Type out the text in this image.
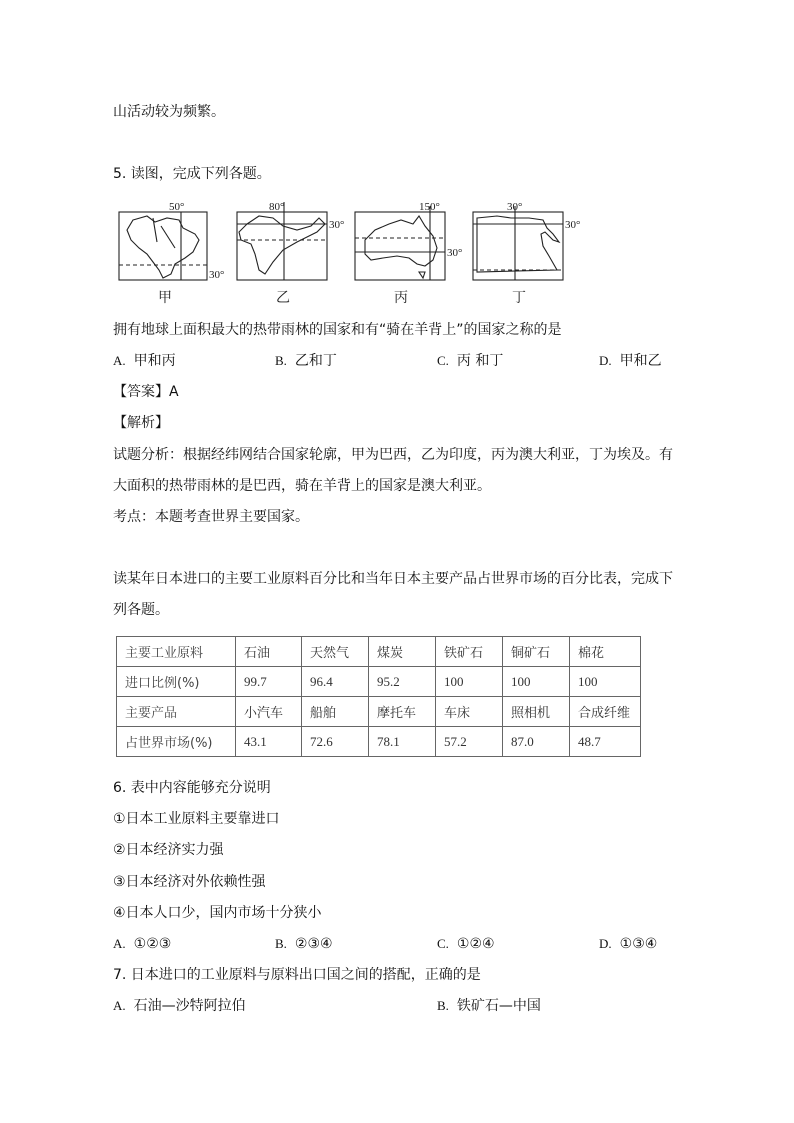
山活动较为频繁。
5. 读图，完成下列各题。
50°
30°
80°
30°
150°
30°
30°
30°
甲	乙	丙	丁
拥有地球上面积最大的热带雨林的国家和有“骑在羊背上”的国家之称的是
A. 甲和丙	B. 乙和丁	C. 丙 和丁	D. 甲和乙
【答案】A
【解析】
试题分析：根据经纬网结合国家轮廓，甲为巴西，乙为印度，丙为澳大利亚，丁为埃及。有
大面积的热带雨林的是巴西，骑在羊背上的国家是澳大利亚。
考点：本题考查世界主要国家。
读某年日本进口的主要工业原料百分比和当年日本主要产品占世界市场的百分比表，完成下
列各题。
主要工业原料	石油	天然气	煤炭	铁矿石	铜矿石	棉花
进口比例(%)	99.7	96.4	95.2	100	100	100
主要产品	小汽车	船舶	摩托车	车床	照相机	合成纤维
占世界市场(%)	43.1	72.6	78.1	57.2	87.0	48.7
6. 表中内容能够充分说明
①日本工业原料主要靠进口
②日本经济实力强
③日本经济对外依赖性强
④日本人口少，国内市场十分狭小
A. ①②③	B. ②③④	C. ①②④	D. ①③④
7. 日本进口的工业原料与原料出口国之间的搭配，正确的是
A. 石油—沙特阿拉伯	B. 铁矿石—中国
